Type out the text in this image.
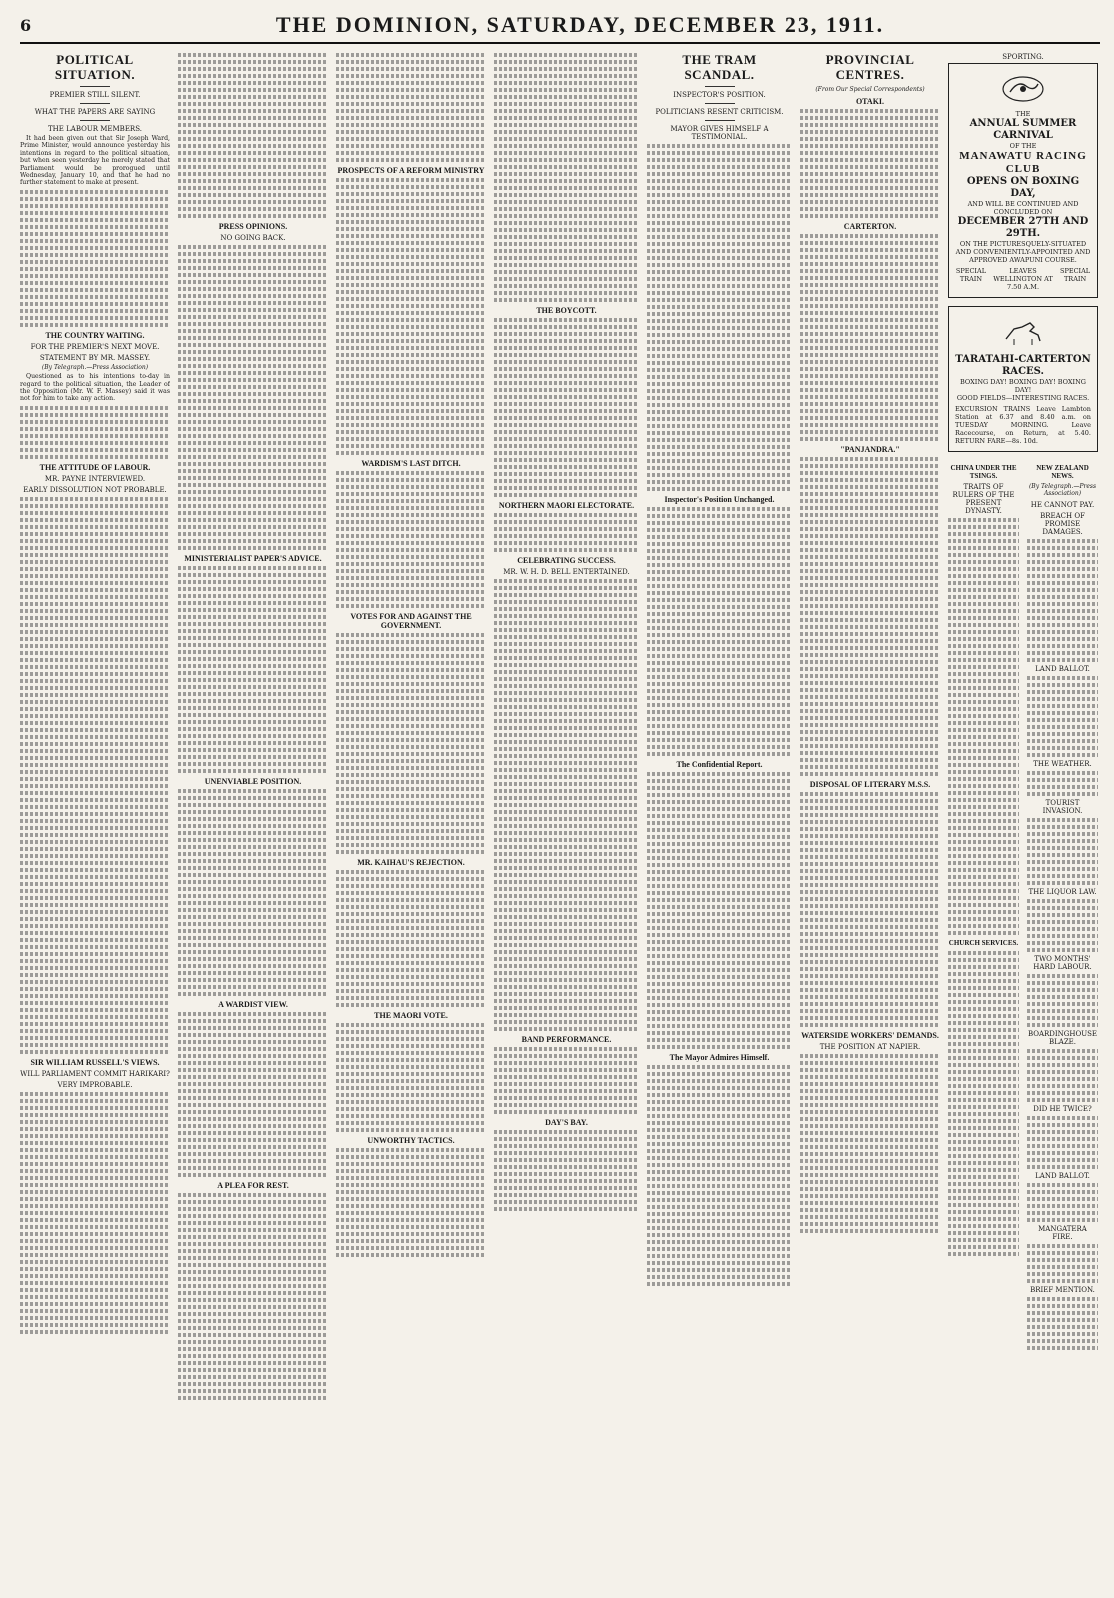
6	THE DOMINION, SATURDAY, DECEMBER 23, 1911.
POLITICAL SITUATION.
PREMIER STILL SILENT.
WHAT THE PAPERS ARE SAYING
THE LABOUR MEMBERS.

It had been given out that Sir Joseph Ward, Prime Minister, would announce yesterday his intentions in regard to the political situation, but when seen yesterday he merely stated that Parliament would be prorogued until Wednesday, January 10, and that he had no further statement to make at present.

THE COUNTRY WAITING.
FOR THE PREMIER'S NEXT MOVE.
STATEMENT BY MR. MASSEY.
(By Telegraph.—Press Association)

Questioned as to his intentions to-day in regard to the political situation, the Leader of the Opposition (Mr. W. F. Massey) said it was not for him to take any action.

THE ATTITUDE OF LABOUR.
MR. PAYNE INTERVIEWED.
EARLY DISSOLUTION NOT PROBABLE.
SIR WILLIAM RUSSELL'S VIEWS.
WILL PARLIAMENT COMMIT HARIKARI?
VERY IMPROBABLE.
PRESS OPINIONS.
NO GOING BACK.
MINISTERIALIST PAPER'S ADVICE.
UNENVIABLE POSITION.
A WARDIST VIEW.
A PLEA FOR REST.
PROSPECTS OF A REFORM MINISTRY
WARDISM'S LAST DITCH.
VOTES FOR AND AGAINST THE GOVERNMENT.
MR. KAIHAU'S REJECTION.
THE MAORI VOTE.
UNWORTHY TACTICS.
THE BOYCOTT.
NORTHERN MAORI ELECTORATE.
CELEBRATING SUCCESS.
MR. W. H. D. BELL ENTERTAINED.
BAND PERFORMANCE.
DAY'S BAY.
THE TRAM SCANDAL.
INSPECTOR'S POSITION.
POLITICIANS RESENT CRITICISM.
MAYOR GIVES HIMSELF A TESTIMONIAL.
Inspector's Position Unchanged.
The Confidential Report.
The Mayor Admires Himself.
PROVINCIAL CENTRES.
(From Our Special Correspondents)
OTAKI.
CARTERTON.
"PANJANDRA."
DISPOSAL OF LITERARY M.S.S.
WATERSIDE WORKERS' DEMANDS.
THE POSITION AT NAPIER.
SPORTING.
THE
ANNUAL SUMMER CARNIVAL
OF THE
MANAWATU RACING CLUB
OPENS ON BOXING DAY,
AND WILL BE CONTINUED AND CONCLUDED ON
DECEMBER 27TH AND 29TH.
ON THE PICTURESQUELY-SITUATED AND CONVENIENTLY-APPOINTED AND APPROVED AWAPUNI COURSE.
SPECIAL TRAIN
LEAVES WELLINGTON AT 7.50 A.M.
SPECIAL TRAIN
TARATAHI-CARTERTON RACES.
BOXING DAY! BOXING DAY! BOXING DAY!
GOOD FIELDS—INTERESTING RACES.
EXCURSION TRAINS Leave Lambton Station at 6.37 and 8.40 a.m. on TUESDAY MORNING. Leave Racecourse, on Return, at 5.40. RETURN FARE—8s. 10d.
CHINA UNDER THE TSINGS.
TRAITS OF RULERS OF THE PRESENT DYNASTY.
CHURCH SERVICES.
NEW ZEALAND NEWS.
(By Telegraph.—Press Association)
HE CANNOT PAY.
BREACH OF PROMISE DAMAGES.
LAND BALLOT.
THE WEATHER.
TOURIST INVASION.
THE LIQUOR LAW.
TWO MONTHS' HARD LABOUR.
BOARDINGHOUSE BLAZE.
DID HE TWICE?
LAND BALLOT.
MANGATERA FIRE.
BRIEF MENTION.
